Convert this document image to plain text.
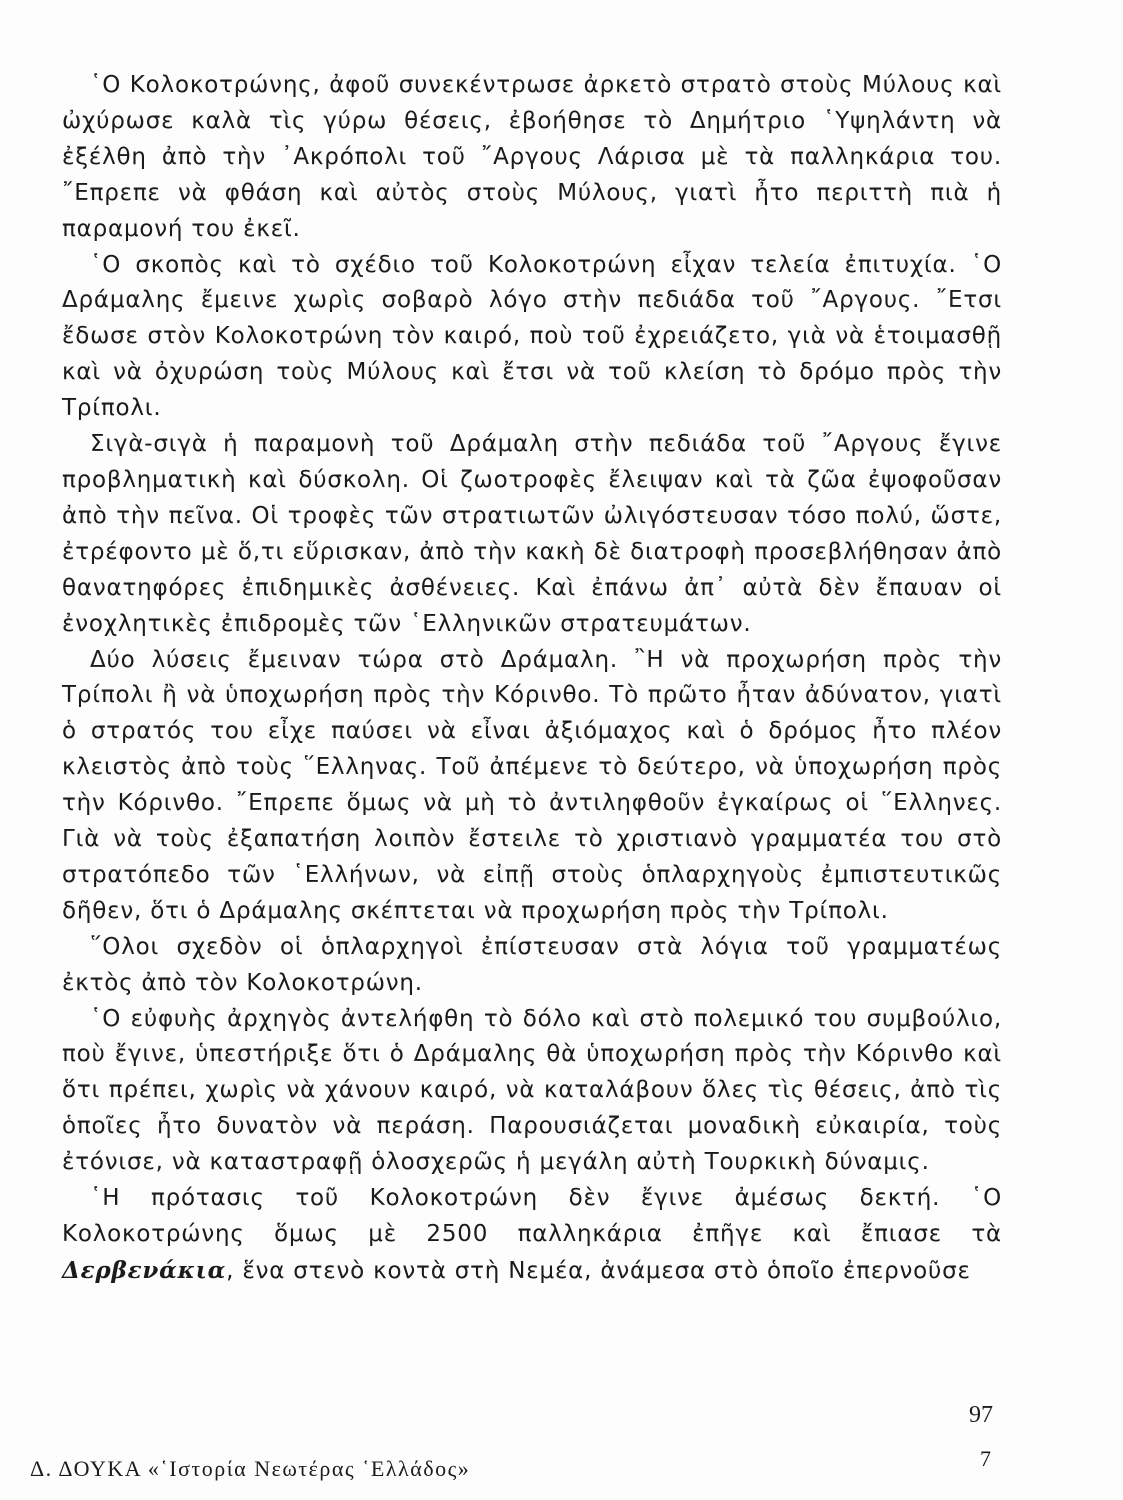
῾Ο Κολοκοτρώνης, ἀφοῦ συνεκέντρωσε ἀρκετὸ στρατὸ στοὺς Μύλους καὶ ὠχύρωσε καλὰ τὶς γύρω θέσεις, ἐβοήθησε τὸ Δημήτριο ῾Υψηλάντη νὰ ἐξέλθη ἀπὸ τὴν ᾿Ακρόπολι τοῦ ῎Αργους Λάρισα μὲ τὰ παλληκάρια του. ῎Επρεπε νὰ φθάση καὶ αὐτὸς στοὺς Μύλους, γιατὶ ἦτο περιττὴ πιὰ ἡ παραμονή του ἐκεῖ.

῾Ο σκοπὸς καὶ τὸ σχέδιο τοῦ Κολοκοτρώνη εἶχαν τελεία ἐπιτυχία. ῾Ο Δράμαλης ἔμεινε χωρὶς σοβαρὸ λόγο στὴν πεδιάδα τοῦ ῎Αργους. ῎Ετσι ἔδωσε στὸν Κολοκοτρώνη τὸν καιρό, ποὺ τοῦ ἐχρειάζετο, γιὰ νὰ ἑτοιμασθῇ καὶ νὰ ὀχυρώση τοὺς Μύλους καὶ ἔτσι νὰ τοῦ κλείση τὸ δρόμο πρὸς τὴν Τρίπολι.

Σιγὰ-σιγὰ ἡ παραμονὴ τοῦ Δράμαλη στὴν πεδιάδα τοῦ ῎Αργους ἔγινε προβληματικὴ καὶ δύσκολη. Οἱ ζωοτροφὲς ἔλειψαν καὶ τὰ ζῶα ἐψοφοῦσαν ἀπὸ τὴν πεῖνα. Οἱ τροφὲς τῶν στρατιωτῶν ὠλιγόστευσαν τόσο πολύ, ὥστε, ἐτρέφοντο μὲ ὅ,τι εὕρισκαν, ἀπὸ τὴν κακὴ δὲ διατροφὴ προσεβλήθησαν ἀπὸ θανατηφόρες ἐπιδημικὲς ἀσθένειες. Καὶ ἐπάνω ἀπ᾿ αὐτὰ δὲν ἔπαυαν οἱ ἐνοχλητικὲς ἐπιδρομὲς τῶν ῾Ελληνικῶν στρατευμάτων.

Δύο λύσεις ἔμειναν τώρα στὸ Δράμαλη. ῍Η νὰ προχωρήση πρὸς τὴν Τρίπολι ἢ νὰ ὑποχωρήση πρὸς τὴν Κόρινθο. Τὸ πρῶτο ἦταν ἀδύνατον, γιατὶ ὁ στρατός του εἶχε παύσει νὰ εἶναι ἀξιόμαχος καὶ ὁ δρόμος ἦτο πλέον κλειστὸς ἀπὸ τοὺς ῞Ελληνας. Τοῦ ἀπέμενε τὸ δεύτερο, νὰ ὑποχωρήση πρὸς τὴν Κόρινθο. ῎Επρεπε ὅμως νὰ μὴ τὸ ἀντιληφθοῦν ἐγκαίρως οἱ ῞Ελληνες. Γιὰ νὰ τοὺς ἐξαπατήση λοιπὸν ἔστειλε τὸ χριστιανὸ γραμματέα του στὸ στρατόπεδο τῶν ῾Ελλήνων, νὰ εἰπῇ στοὺς ὁπλαρχηγοὺς ἐμπιστευτικῶς δῆθεν, ὅτι ὁ Δράμαλης σκέπτεται νὰ προχωρήση πρὸς τὴν Τρίπολι.

῞Ολοι σχεδὸν οἱ ὁπλαρχηγοὶ ἐπίστευσαν στὰ λόγια τοῦ γραμματέως ἐκτὸς ἀπὸ τὸν Κολοκοτρώνη.

῾Ο εὐφυὴς ἀρχηγὸς ἀντελήφθη τὸ δόλο καὶ στὸ πολεμικό του συμβούλιο, ποὺ ἔγινε, ὑπεστήριξε ὅτι ὁ Δράμαλης θὰ ὑποχωρήση πρὸς τὴν Κόρινθο καὶ ὅτι πρέπει, χωρὶς νὰ χάνουν καιρό, νὰ καταλάβουν ὅλες τὶς θέσεις, ἀπὸ τὶς ὁποῖες ἦτο δυνατὸν νὰ περάση. Παρουσιάζεται μοναδικὴ εὐκαιρία, τοὺς ἐτόνισε, νὰ καταστραφῇ ὁλοσχερῶς ἡ μεγάλη αὐτὴ Τουρκικὴ δύναμις.

῾Η πρότασις τοῦ Κολοκοτρώνη δὲν ἔγινε ἀμέσως δεκτή. ῾Ο Κολοκοτρώνης ὅμως μὲ 2500 παλληκάρια ἐπῆγε καὶ ἔπιασε τὰ Δερβενάκια, ἕνα στενὸ κοντὰ στὴ Νεμέα, ἀνάμεσα στὸ ὁποῖο ἐπερνοῦσε

97
Δ. ΔΟΥΚΑ «῾Ιστορία Νεωτέρας ῾Ελλάδος»	7
